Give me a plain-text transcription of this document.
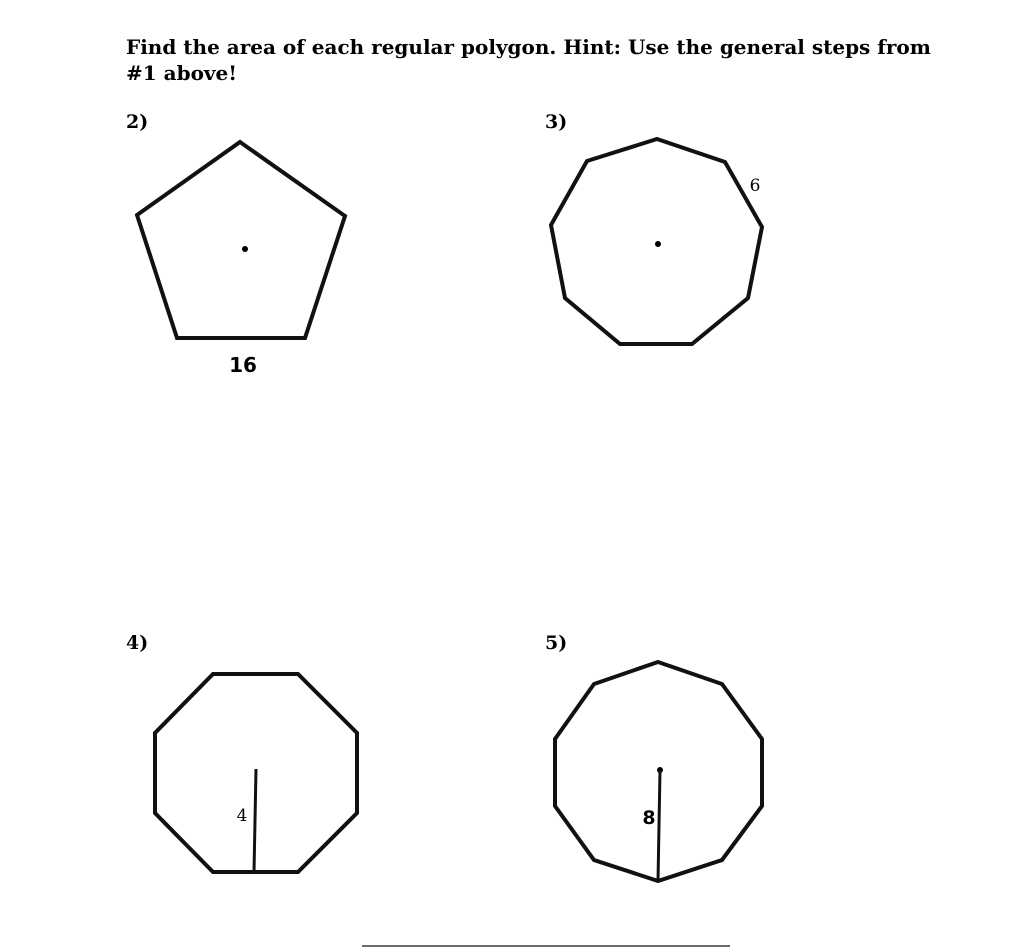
Find the area of each regular polygon. Hint: Use the general steps from #1 above!

2)	3)
4)	5)
16
6
4	8
